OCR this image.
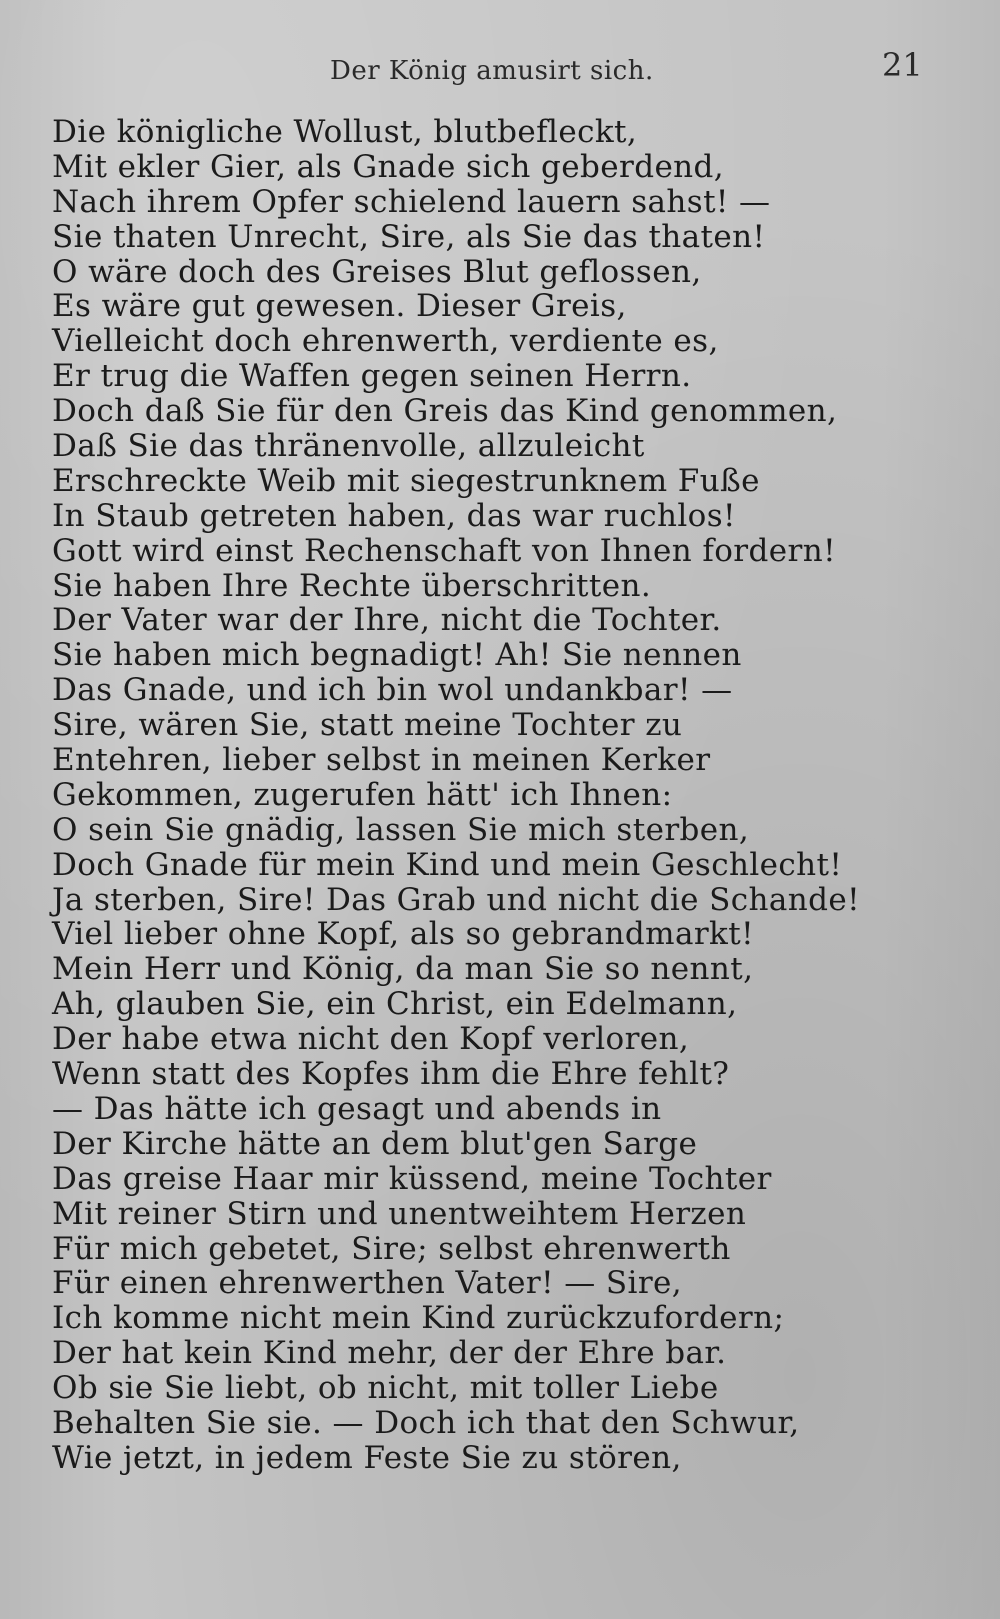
Der König amusirt sich.	21
Die königliche Wollust, blutbefleckt,
Mit ekler Gier, als Gnade sich geberdend,
Nach ihrem Opfer schielend lauern sahst! —
Sie thaten Unrecht, Sire, als Sie das thaten!
O wäre doch des Greises Blut geflossen,
Es wäre gut gewesen. Dieser Greis,
Vielleicht doch ehrenwerth, verdiente es,
Er trug die Waffen gegen seinen Herrn.
Doch daß Sie für den Greis das Kind genommen,
Daß Sie das thränenvolle, allzuleicht
Erschreckte Weib mit siegestrunknem Fuße
In Staub getreten haben, das war ruchlos!
Gott wird einst Rechenschaft von Ihnen fordern!
Sie haben Ihre Rechte überschritten.
Der Vater war der Ihre, nicht die Tochter.
Sie haben mich begnadigt! Ah! Sie nennen
Das Gnade, und ich bin wol undankbar! —
Sire, wären Sie, statt meine Tochter zu
Entehren, lieber selbst in meinen Kerker
Gekommen, zugerufen hätt' ich Ihnen:
O sein Sie gnädig, lassen Sie mich sterben,
Doch Gnade für mein Kind und mein Geschlecht!
Ja sterben, Sire! Das Grab und nicht die Schande!
Viel lieber ohne Kopf, als so gebrandmarkt!
Mein Herr und König, da man Sie so nennt,
Ah, glauben Sie, ein Christ, ein Edelmann,
Der habe etwa nicht den Kopf verloren,
Wenn statt des Kopfes ihm die Ehre fehlt?
— Das hätte ich gesagt und abends in
Der Kirche hätte an dem blut'gen Sarge
Das greise Haar mir küssend, meine Tochter
Mit reiner Stirn und unentweihtem Herzen
Für mich gebetet, Sire; selbst ehrenwerth
Für einen ehrenwerthen Vater! — Sire,
Ich komme nicht mein Kind zurückzufordern;
Der hat kein Kind mehr, der der Ehre bar.
Ob sie Sie liebt, ob nicht, mit toller Liebe
Behalten Sie sie. — Doch ich that den Schwur,
Wie jetzt, in jedem Feste Sie zu stören,
